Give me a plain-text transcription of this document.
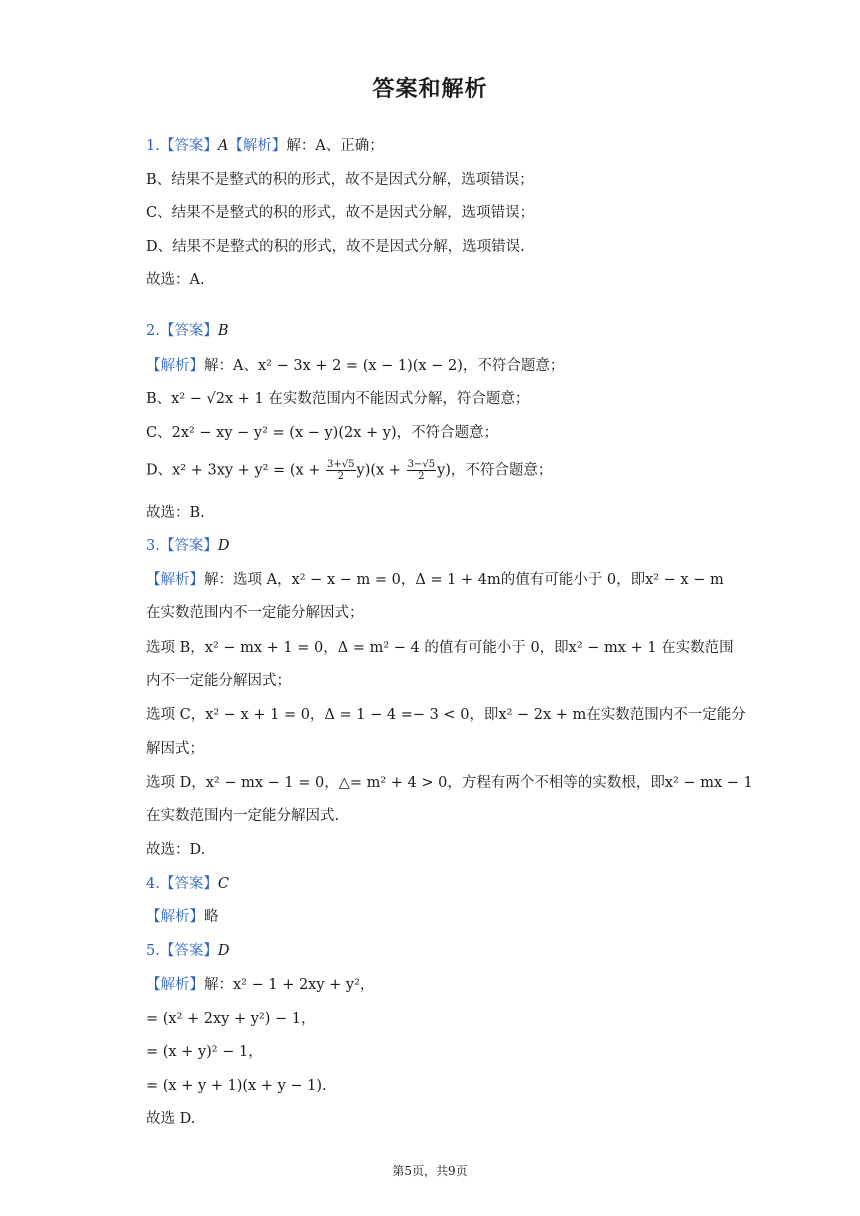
答案和解析
1.【答案】A【解析】解：A、正确；
B、结果不是整式的积的形式，故不是因式分解，选项错误；
C、结果不是整式的积的形式，故不是因式分解，选项错误；
D、结果不是整式的积的形式，故不是因式分解，选项错误.
故选：A.
2.【答案】B
【解析】解：A、x² − 3x + 2 = (x − 1)(x − 2)，不符合题意；
B、x² − √2x + 1 在实数范围内不能因式分解，符合题意；
C、2x² − xy − y² = (x − y)(2x + y)，不符合题意；
D、$x^2 + 3xy + y^2 = (x + \frac{3+√5}{2} y)(x + \frac{3-√5}{2} y)$，不符合题意；
故选：B.
3.【答案】D
【解析】解：选项 A，x² − x − m = 0，Δ = 1 + 4m的值有可能小于 0，即x² − x − m
在实数范围内不一定能分解因式；
选项 B，x² − mx + 1 = 0，Δ = m² − 4 的值有可能小于 0，即x² − mx + 1 在实数范围
内不一定能分解因式；
选项 C，x² − x + 1 = 0，Δ = 1 − 4 =− 3 < 0，即x² − 2x + m在实数范围内不一定能分
解因式；
选项 D，x² − mx − 1 = 0，△= m² + 4 > 0，方程有两个不相等的实数根，即x² − mx − 1
在实数范围内一定能分解因式.
故选：D.
4.【答案】C
【解析】略
5.【答案】D
【解析】解：x² − 1 + 2xy + y²，
= (x² + 2xy + y²) − 1，
= (x + y)² − 1，
= (x + y + 1)(x + y − 1).
故选 D.
第5页，共9页
